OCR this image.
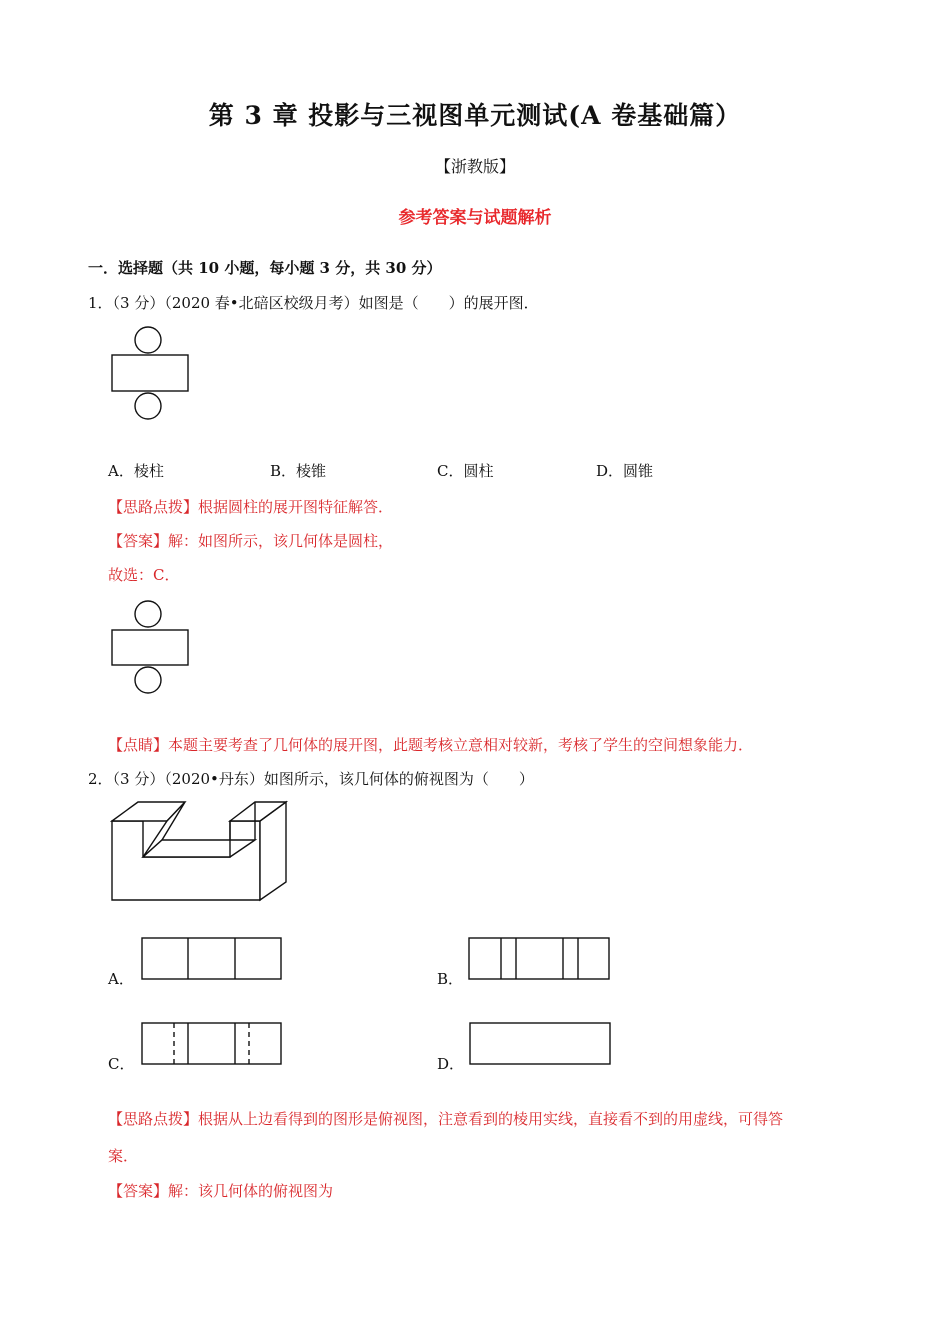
第 3 章 投影与三视图单元测试(A 卷基础篇）
【浙教版】
参考答案与试题解析
一．选择题（共 10 小题，每小题 3 分，共 30 分）
1．（3 分）（2020 春•北碚区校级月考）如图是（　　）的展开图．
A．棱柱	B．棱锥	C．圆柱	D．圆锥
【思路点拨】根据圆柱的展开图特征解答．
【答案】解：如图所示，该几何体是圆柱，
故选：C．
【点睛】本题主要考查了几何体的展开图，此题考核立意相对较新，考核了学生的空间想象能力．
2．（3 分）（2020•丹东）如图所示，该几何体的俯视图为（　　）
A．	B．
C．	D．
【思路点拨】根据从上边看得到的图形是俯视图，注意看到的棱用实线，直接看不到的用虚线，可得答
案．
【答案】解：该几何体的俯视图为
